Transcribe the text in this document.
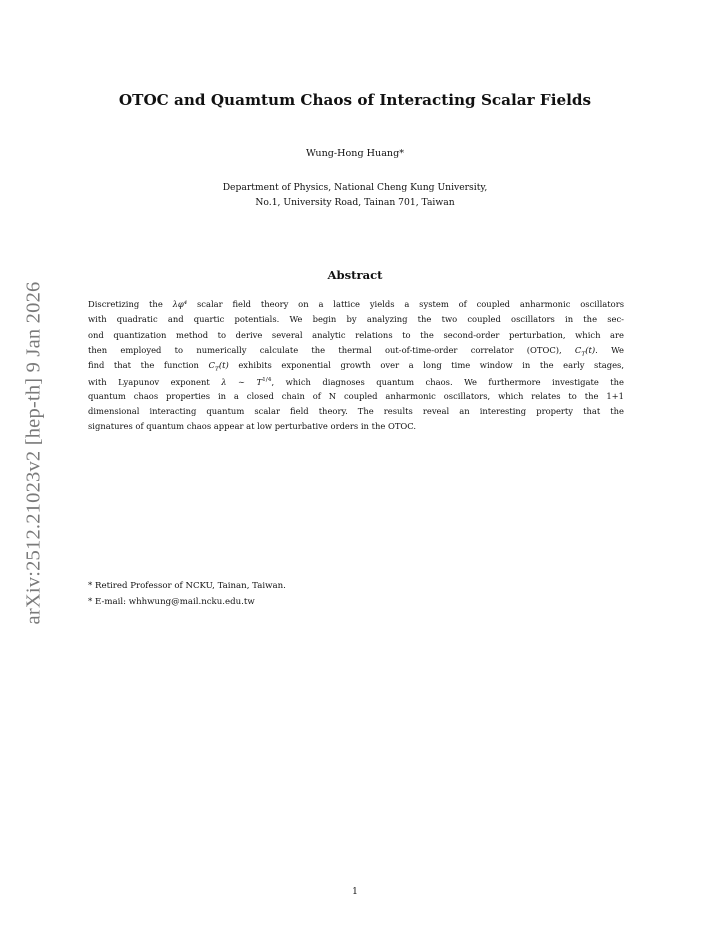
arXiv:2512.21023v2 [hep-th] 9 Jan 2026
OTOC and Quamtum Chaos of Interacting Scalar Fields
Wung-Hong Huang*
Department of Physics, National Cheng Kung University,
No.1, University Road, Tainan 701, Taiwan
Abstract
Discretizing the λφ⁴ scalar field theory on a lattice yields a system of coupled anharmonic oscillators
with quadratic and quartic potentials. We begin by analyzing the two coupled oscillators in the sec-
ond quantization method to derive several analytic relations to the second-order perturbation, which are
then employed to numerically calculate the thermal out-of-time-order correlator (OTOC), $C_T(t)$. We
find that the function $C_T(t)$ exhibits exponential growth over a long time window in the early stages,
with Lyapunov exponent λ ∼ $T^{1/4}$, which diagnoses quantum chaos. We furthermore investigate the
quantum chaos properties in a closed chain of N coupled anharmonic oscillators, which relates to the 1+1
dimensional interacting quantum scalar field theory. The results reveal an interesting property that the
signatures of quantum chaos appear at low perturbative orders in the OTOC.
* Retired Professor of NCKU, Tainan, Taiwan.
* E-mail: whhwung@mail.ncku.edu.tw
1
